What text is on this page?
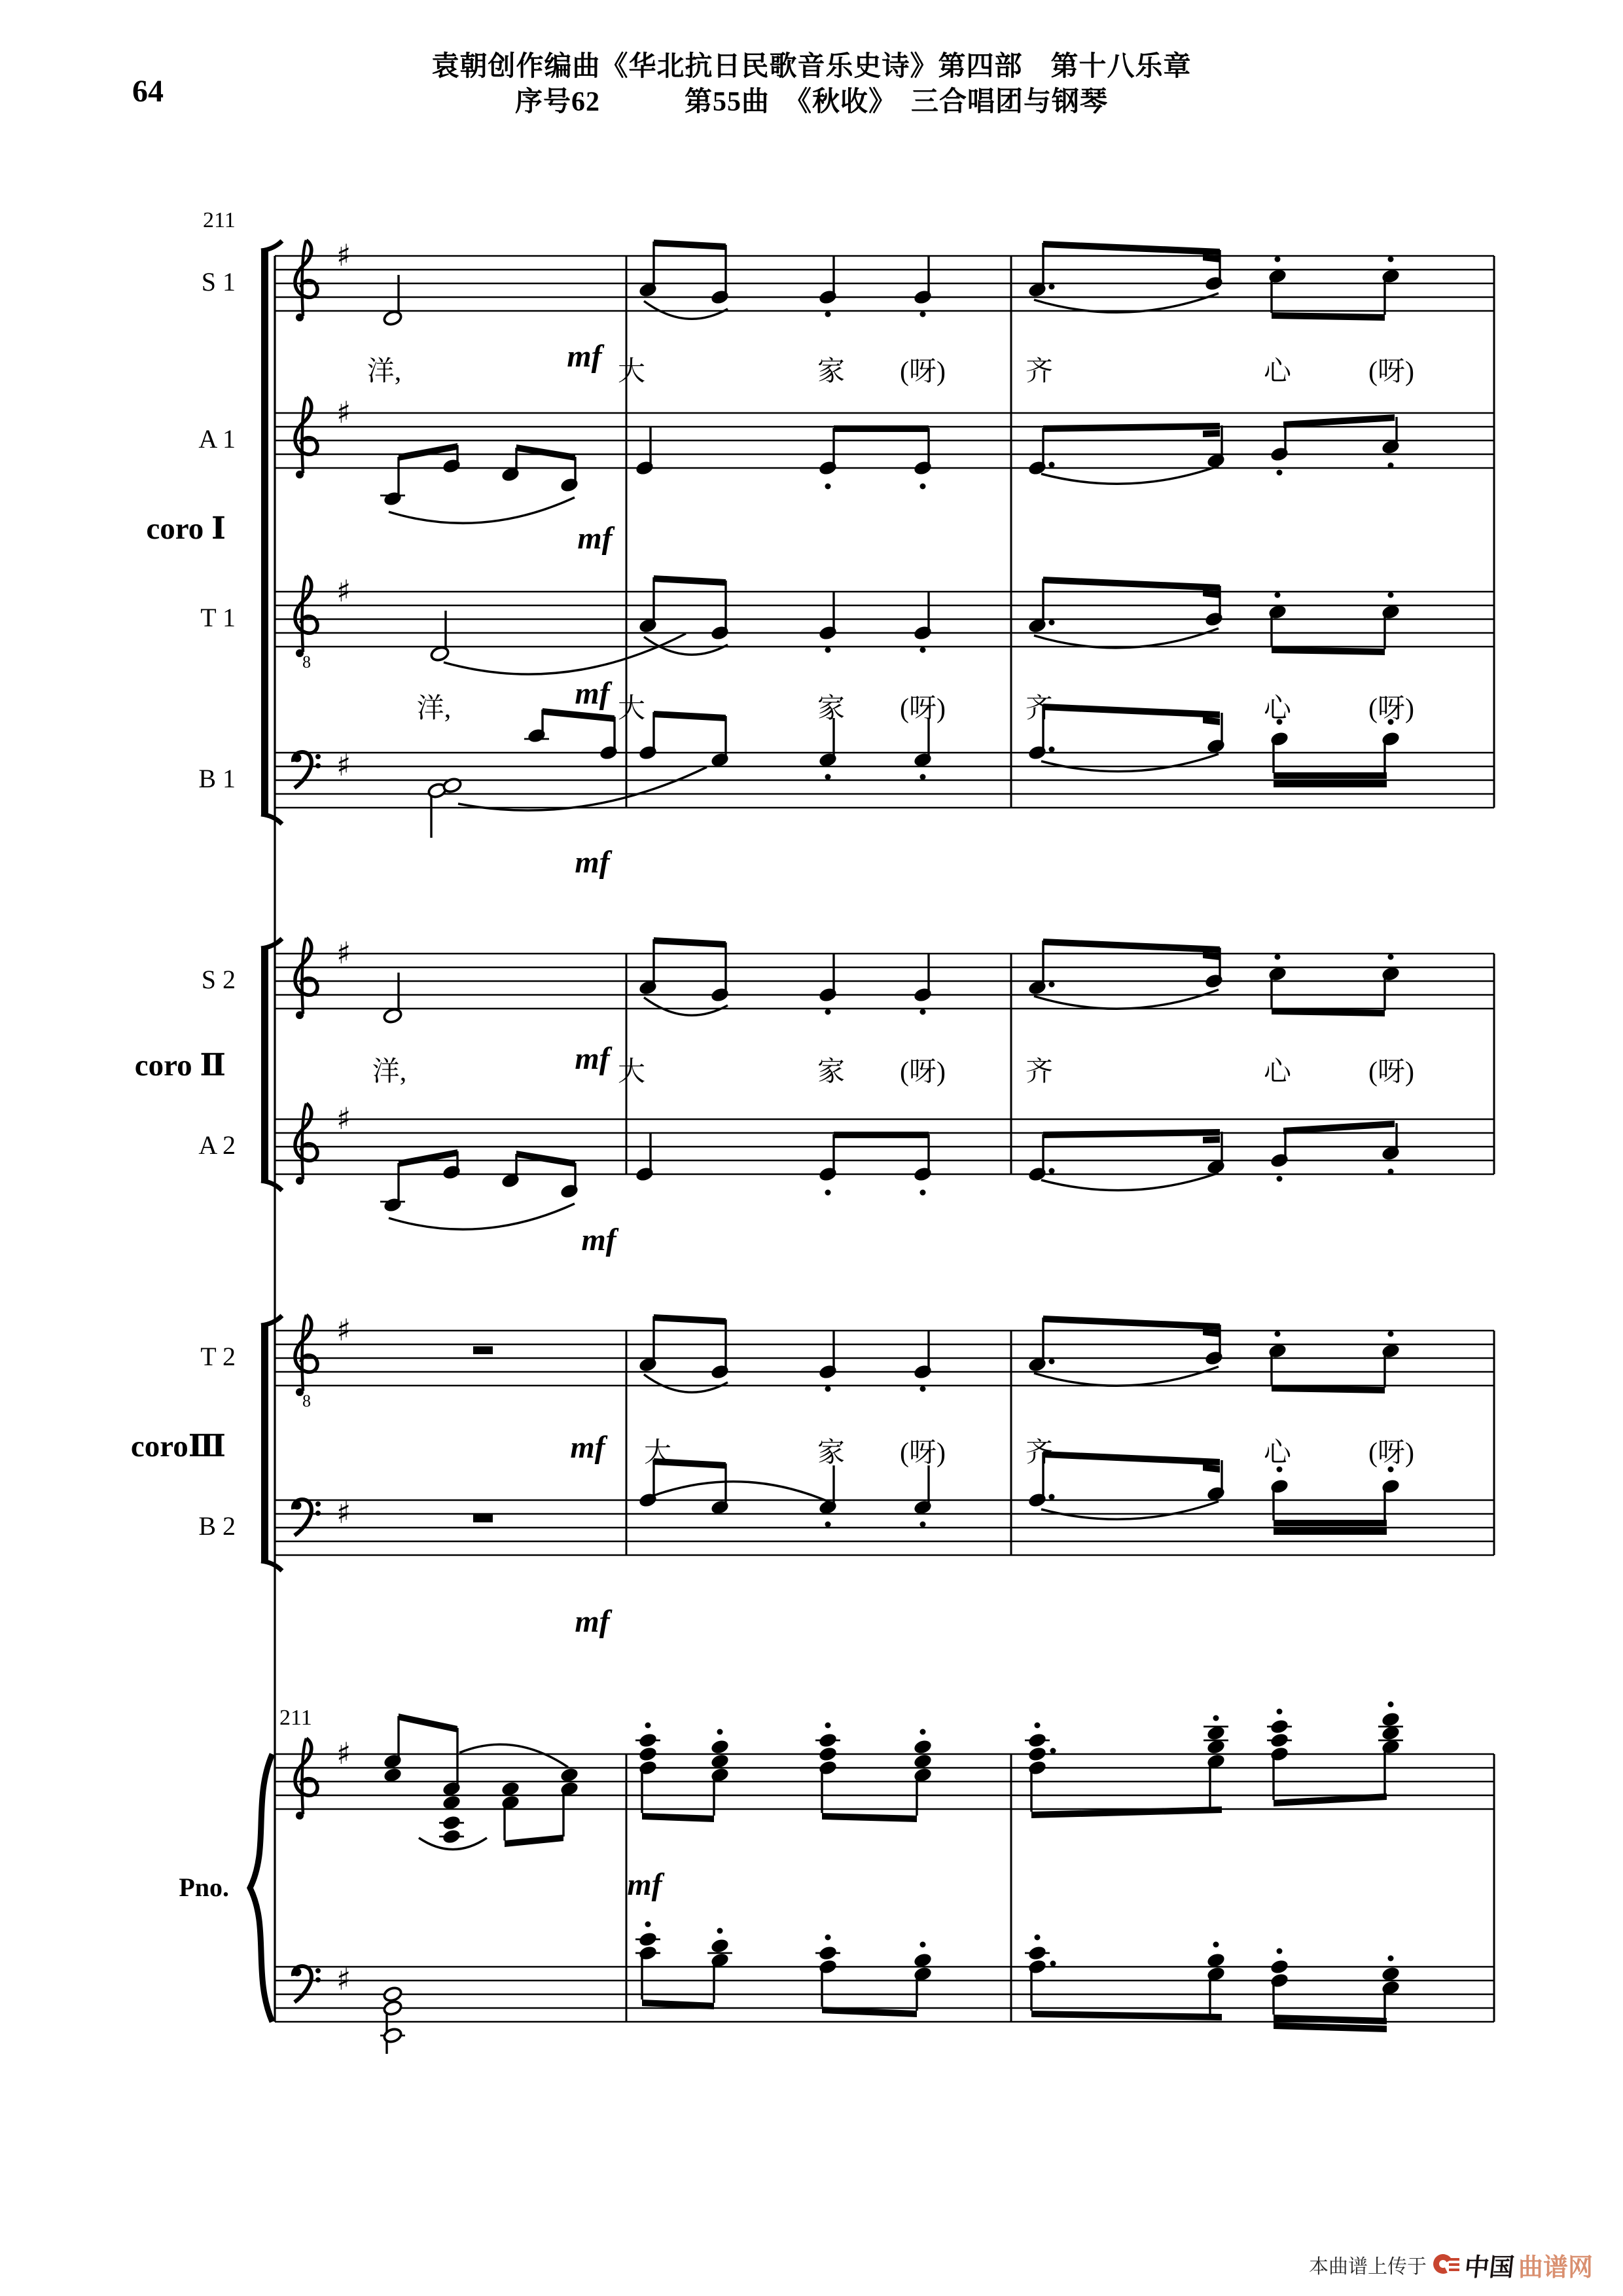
64
袁朝创作编曲《华北抗日民歌音乐史诗》第四部　第十八乐章
序号62　　　第55曲　《秋收》　三合唱团与钢琴
♯
♯
8
♯
♯
♯
♯
8
♯
♯
♯
♯
S 1
A 1
T 1
B 1
S 2
A 2
T 2
B 2
coro Ⅰ
coro Ⅱ
coroⅢ
Pno.
洋,	大	家	(呀)	齐	心	(呀)
洋,	大	家	(呀)	齐	心	(呀)
洋,	大	家	(呀)	齐	心	(呀)
大	家	(呀)	齐	心	(呀)
mf
mf
mf
mf
mf
mf
mf
mf
mf
211
211
本曲谱上传于 中国 曲谱网
